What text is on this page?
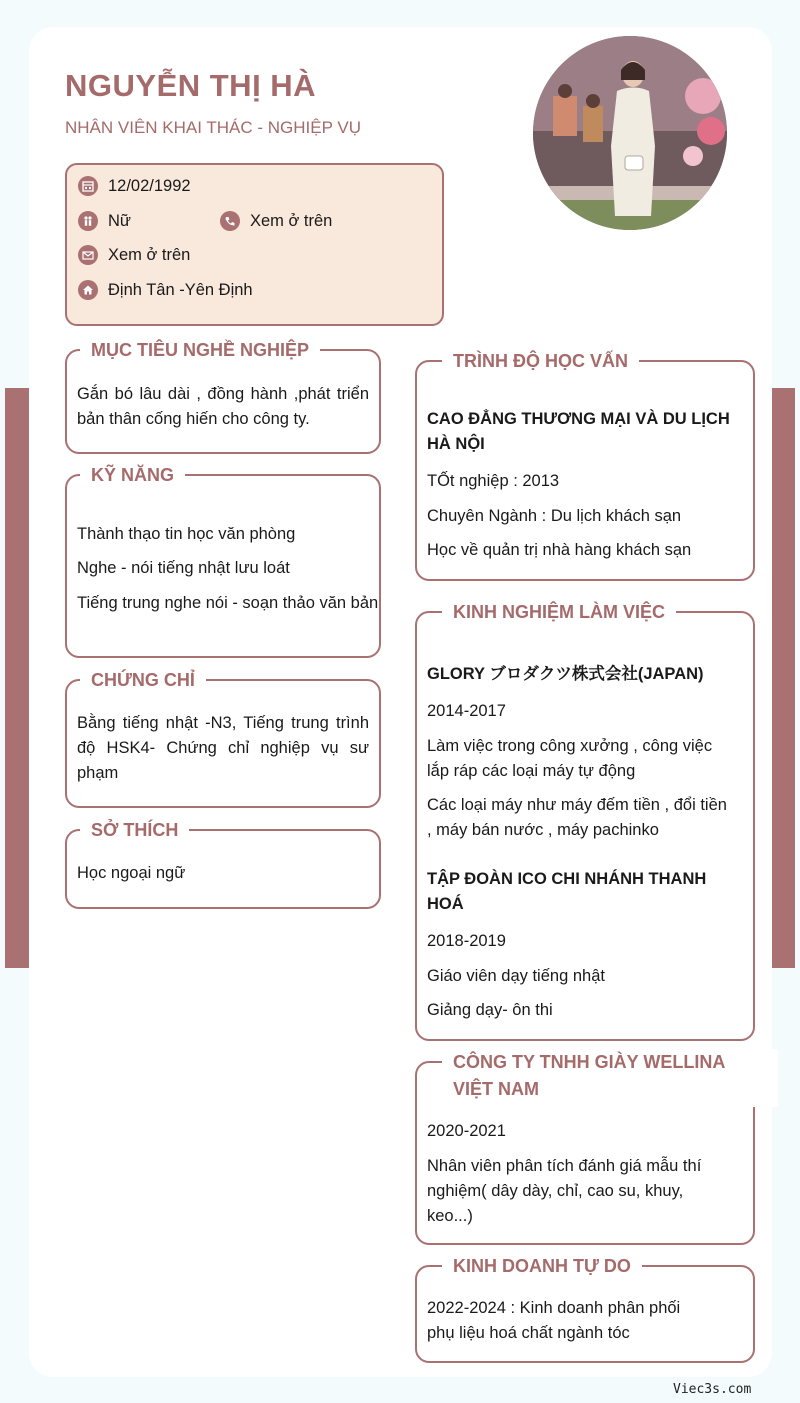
NGUYỄN THỊ HÀ
NHÂN VIÊN KHAI THÁC - NGHIỆP VỤ
12/02/1992
Nữ	Xem ở trên
Xem ở trên
Định Tân -Yên Định
MỤC TIÊU NGHỀ NGHIỆP
Gắn bó lâu dài , đồng hành ,phát triển bản thân cống hiến cho công ty.
KỸ NĂNG
Thành thạo tin học văn phòng
Nghe - nói tiếng nhật lưu loát
Tiếng trung nghe nói - soạn thảo văn bản
CHỨNG CHỈ
Bằng tiếng nhật -N3, Tiếng trung trình độ HSK4- Chứng chỉ nghiệp vụ sư phạm
SỞ THÍCH
Học ngoại ngữ
TRÌNH ĐỘ HỌC VẤN
CAO ĐẲNG THƯƠNG MẠI VÀ DU LỊCH HÀ NỘI
TỐt nghiệp : 2013
Chuyên Ngành : Du lịch khách sạn
Học về quản trị nhà hàng khách sạn
KINH NGHIỆM LÀM VIỆC
GLORY ブロダクツ株式会社(JAPAN)
2014-2017
Làm việc trong công xưởng , công việc lắp ráp các loại máy tự động
Các loại máy như máy đếm tiền , đổi tiền , máy bán nước , máy pachinko
TẬP ĐOÀN ICO CHI NHÁNH THANH HOÁ
2018-2019
Giáo viên dạy tiếng nhật
Giảng dạy- ôn thi
CÔNG TY TNHH GIÀY WELLINA VIỆT NAM
2020-2021
Nhân viên phân tích đánh giá mẫu thí nghiệm( dây dày, chỉ, cao su, khuy, keo...)
KINH DOANH TỰ DO
2022-2024 : Kinh doanh phân phối phụ liệu hoá chất ngành tóc
Viec3s.com
